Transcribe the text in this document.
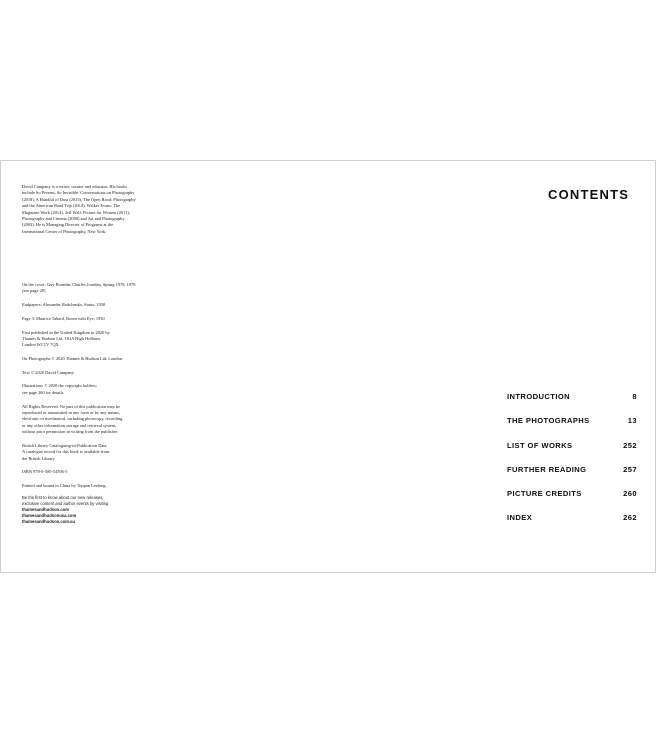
David Campany is a writer, curator and educator. His books
include So Present, So Invisible: Conversations on Photography
(2018), A Handful of Dust (2015), The Open Road: Photography
and the American Road Trip (2014), Walker Evans: The
Magazine Work (2014), Jeff Wall: Picture for Women (2011),
Photography and Cinema (2008) and Art and Photography
(2003). He is Managing Director of Programs at the
International Center of Photography, New York.

On the cover: Guy Bourdin, Charles Jourdan, Spring 1978, 1978
(see page 28)

Endpapers: Alexander Rodchenko, Stairs, 1930

Page 3: Maurice Tabard, Room with Eye, 1930

First published in the United Kingdom in 2020 by
Thames & Hudson Ltd, 181A High Holborn,
London WC1V 7QX

On Photographs © 2020 Thames & Hudson Ltd, London

Text © 2020 David Campany

Illustrations © 2020 the copyright holders;
see page 260 for details

All Rights Reserved. No part of this publication may be
reproduced or transmitted in any form or by any means,
electronic or mechanical, including photocopy, recording
or any other information storage and retrieval system,
without prior permission in writing from the publisher.

British Library Cataloguing-in-Publication Data
A catalogue record for this book is available from
the British Library

ISBN 978-0-500-54506-5

Printed and bound in China by Toppan Leefung

Be the first to know about our new releases,
exclusive content and author events by visiting
thamesandhudson.com
thamesandhudsonusa.com
thamesandhudson.com.au
CONTENTS
INTRODUCTION	8
THE PHOTOGRAPHS	13
LIST OF WORKS	252
FURTHER READING	257
PICTURE CREDITS	260
INDEX	262
